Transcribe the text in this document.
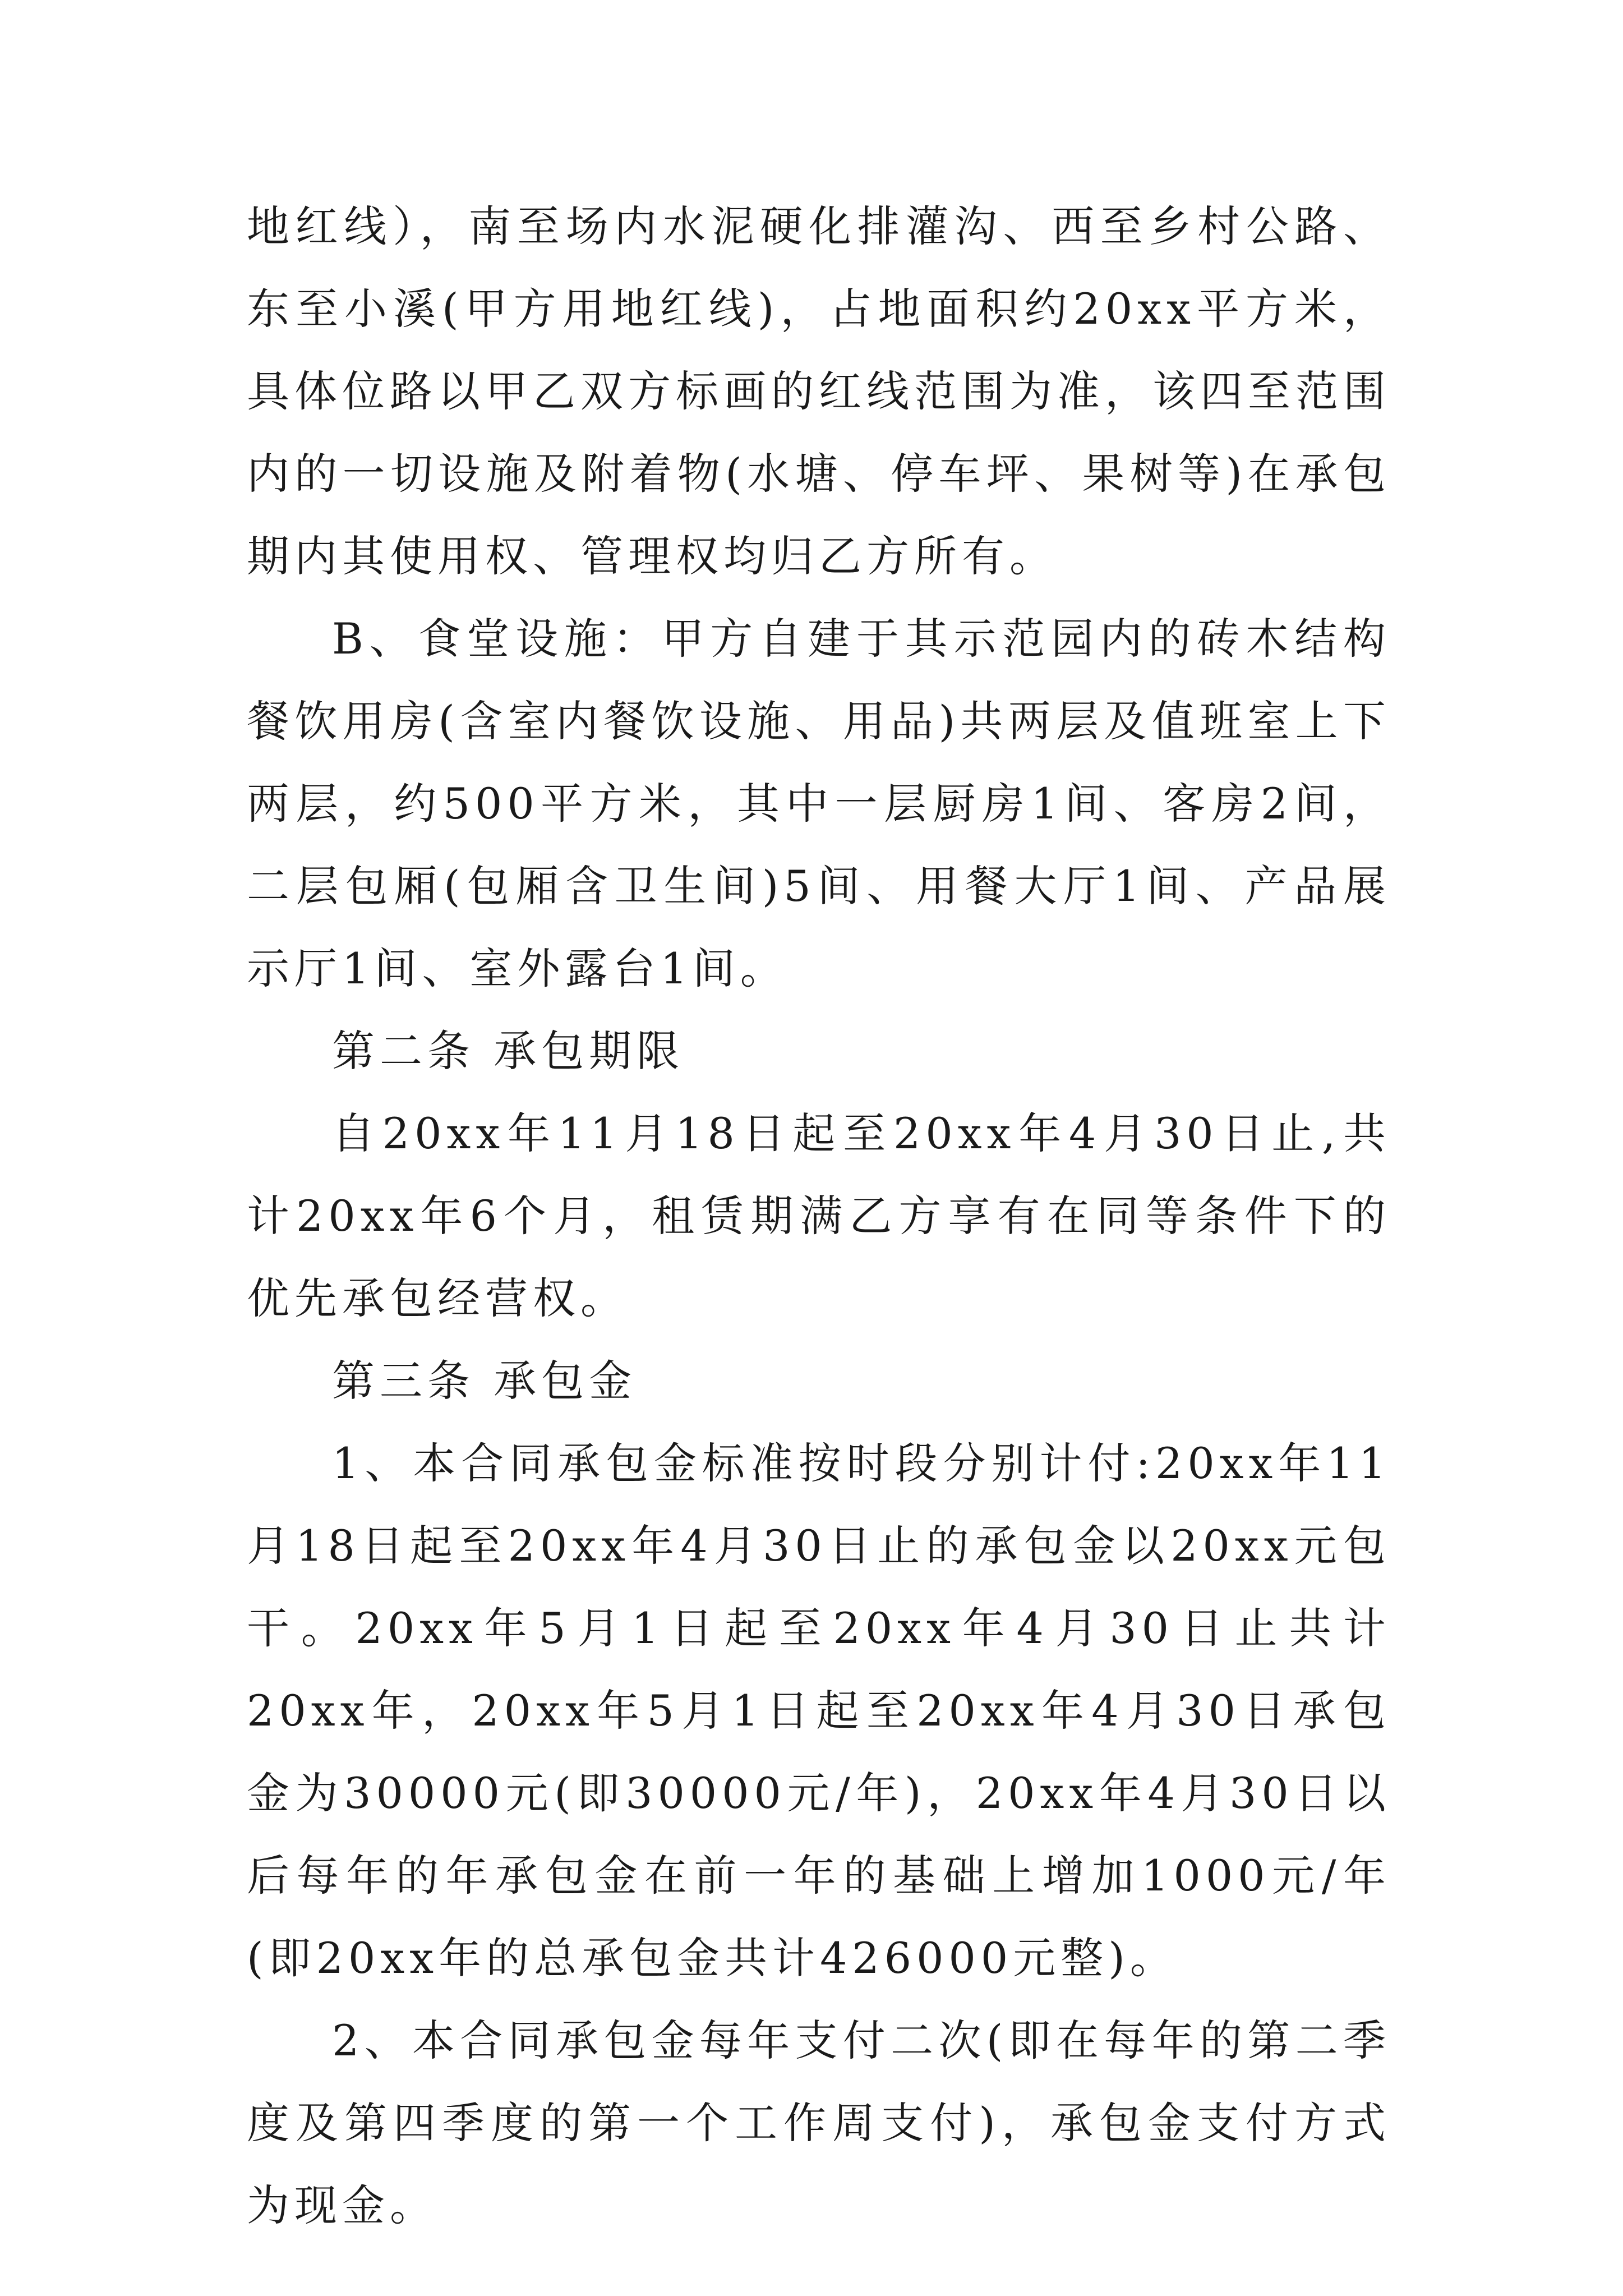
地红线），南至场内水泥硬化排灌沟、西至乡村公路、东至小溪(甲方用地红线)，占地面积约20xx平方米，具体位路以甲乙双方标画的红线范围为准，该四至范围内的一切设施及附着物(水塘、停车坪、果树等)在承包期内其使用权、管理权均归乙方所有。

B、食堂设施：甲方自建于其示范园内的砖木结构餐饮用房(含室内餐饮设施、用品)共两层及值班室上下两层，约500平方米，其中一层厨房1间、客房2间，二层包厢(包厢含卫生间)5间、用餐大厅1间、产品展示厅1间、室外露台1间。

第二条 承包期限

自20xx年11月18日起至20xx年4月30日止,共计20xx年6个月，租赁期满乙方享有在同等条件下的优先承包经营权。

第三条 承包金

1、本合同承包金标准按时段分别计付:20xx年11月18日起至20xx年4月30日止的承包金以20xx元包干。20xx年5月1日起至20xx年4月30日止共计20xx年，20xx年5月1日起至20xx年4月30日承包金为30000元(即30000元/年)，20xx年4月30日以后每年的年承包金在前一年的基础上增加1000元/年(即20xx年的总承包金共计426000元整)。

2、本合同承包金每年支付二次(即在每年的第二季度及第四季度的第一个工作周支付)，承包金支付方式为现金。
